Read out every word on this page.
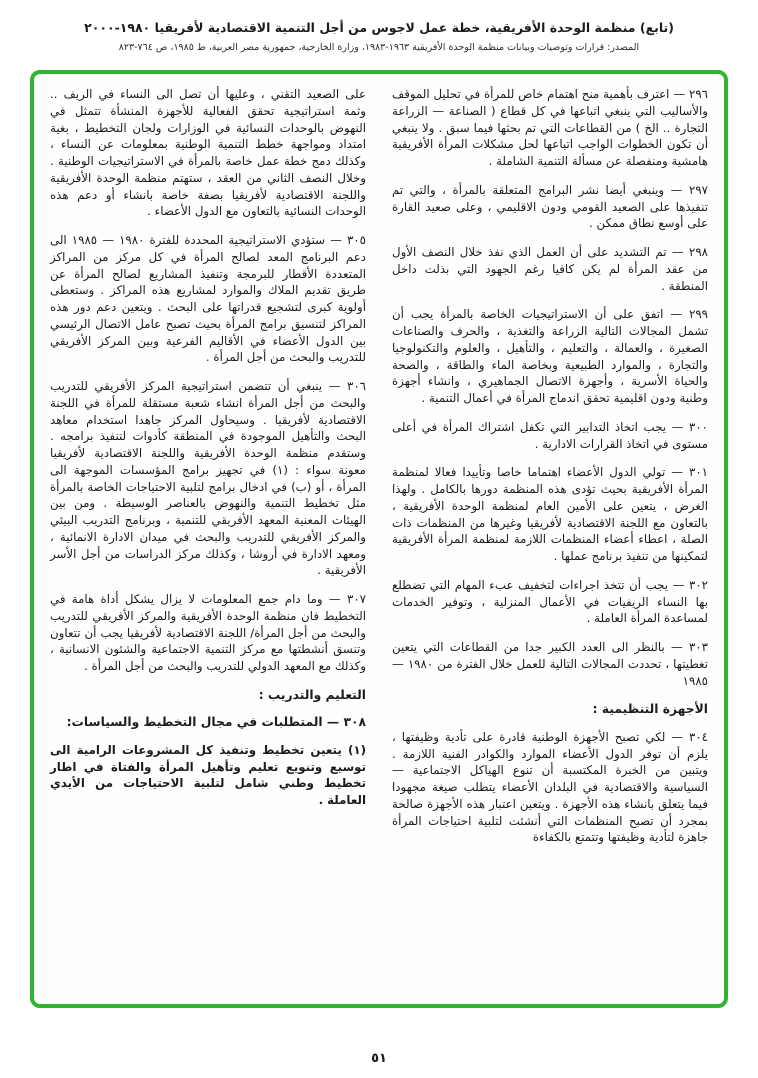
(تابع) منظمة الوحدة الأفريقية، خطة عمل لاجوس من أجل التنمية الاقتصادية لأفريقيا ١٩٨٠-٢٠٠٠
المصدر: قرارات وتوصيات وبيانات منظمة الوحدة الأفريقية ١٩٦٣-١٩٨٣، وزارة الخارجية، جمهورية مصر العربية، ط ١٩٨٥، ص ٧٦٤-٨٢٣

٢٩٦ — اعترف بأهمية منح اهتمام خاص للمرأة في تحليل الموقف والأساليب التي ينبغي اتباعها في كل قطاع ( الصناعة — الزراعة التجارة .. الخ ) من القطاعات التي تم بحثها فيما سبق . ولا ينبغي أن تكون الخطوات الواجب اتباعها لحل مشكلات المرأة الأفريقية هامشية ومنفصلة عن مسألة التنمية الشاملة .

٢٩٧ — وينبغي أيضا نشر البرامج المتعلقة بالمرأة ، والتي تم تنفيذها على الصعيد القومي ودون الاقليمي ، وعلى صعيد القارة على أوسع نطاق ممكن .

٢٩٨ — تم التشديد على أن العمل الذي نفذ خلال النصف الأول من عقد المرأة لم يكن كافيا رغم الجهود التي بذلت داخل المنطقة .

٢٩٩ — اتفق على أن الاستراتيجيات الخاصة بالمرأة يجب أن تشمل المجالات التالية الزراعة والتغذية ، والحرف والصناعات الصغيرة ، والعمالة ، والتعليم ، والتأهيل ، والعلوم والتكنولوجيا والتجارة ، والموارد الطبيعية وبخاصة الماء والطاقة ، والصحة والحياة الأسرية ، وأجهزة الاتصال الجماهيري ، وانشاء أجهزة وطنية ودون اقليمية تحقق اندماج المرأة في أعمال التنمية .

٣٠٠ — يجب اتخاذ التدابير التي تكفل اشتراك المرأة في أعلى مستوى في اتخاذ القرارات الادارية .

٣٠١ — تولي الدول الأعضاء اهتماما خاصا وتأييدا فعالا لمنظمة المرأة الأفريقية بحيث تؤدى هذه المنظمة دورها بالكامل . ولهذا الغرض ، يتعين على الأمين العام لمنظمة الوحدة الأفريقية ، بالتعاون مع اللجنة الاقتصادية لأفريقيا وغيرها من المنظمات ذات الصلة ، اعطاء أعضاء المنظمات اللازمة لمنظمة المرأة الأفريقية لتمكينها من تنفيذ برنامج عملها .

٣٠٢ — يجب أن تتخذ اجراءات لتخفيف عبء المهام التي تضطلع بها النساء الريفيات في الأعمال المنزلية ، وتوفير الخدمات لمساعدة المرأة العاملة .

٣٠٣ — بالنظر الى العدد الكبير جدا من القطاعات التي يتعين تغطيتها ، تحددت المجالات التالية للعمل خلال الفترة من ١٩٨٠ — ١٩٨٥

الأجهزة التنظيمية :

٣٠٤ — لكي تصبح الأجهزة الوطنية قادرة على تأدية وظيفتها ، يلزم أن توفر الدول الأعضاء الموارد والكوادر الفنية اللازمة . ويتبين من الخبرة المكتسبة أن تنوع الهياكل الاجتماعية — السياسية والاقتصادية في البلدان الأعضاء يتطلب صيغة مجهودا فيما يتعلق بانشاء هذه الأجهزة . ويتعين اعتبار هذه الأجهزة صالحة بمجرد أن تصبح المنظمات التي أنشئت لتلبية احتياجات المرأة جاهزة لتأدية وظيفتها وتتمتع بالكفاءة

على الصعيد التقني ، وعليها أن تصل الى النساء في الريف .. وثمة استراتيجية تحقق الفعالية للأجهزة المنشأة تتمثل في النهوض بالوحدات النسائية في الوزارات ولجان التخطيط ، بغية امتداد ومواجهة خطط التنمية الوطنية بمعلومات عن النساء ، وكذلك دمج خطة عمل خاصة بالمرأة في الاستراتيجيات الوطنية . وخلال النصف الثاني من العقد ، ستهتم منظمة الوحدة الأفريقية واللجنة الاقتصادية لأفريقيا بصفة خاصة بانشاء أو دعم هذه الوحدات النسائية بالتعاون مع الدول الأعضاء .

٣٠٥ — ستؤدي الاستراتيجية المحددة للفترة ١٩٨٠ — ١٩٨٥ الى دعم البرنامج المعد لصالح المرأة في كل مركز من المراكز المتعددة الأقطار للبرمجة وتنفيذ المشاريع لصالح المرأة عن طريق تقديم الملاك والموارد لمشاريع هذه المراكز . وستعطى أولوية كبرى لتشجيع قدراتها على البحث . ويتعين دعم دور هذه المراكز لتنسيق برامج المرأة بحيث تصبح عامل الاتصال الرئيسي بين الدول الأعضاء في الأقاليم الفرعية وبين المركز الأفريقي للتدريب والبحث من أجل المرأة .

٣٠٦ — ينبغي أن تتضمن استراتيجية المركز الأفريقي للتدريب والبحث من أجل المرأة انشاء شعبة مستقلة للمرأة في اللجنة الاقتصادية لأفريقيا . وسيحاول المركز جاهدا استخدام معاهد البحث والتأهيل الموجودة في المنطقة كأدوات لتنفيذ برامجه . وستقدم منظمة الوحدة الأفريقية واللجنة الاقتصادية لأفريقيا معونة سواء : (١) في تجهيز برامج المؤسسات الموجهة الى المرأة ، أو (ب) في ادخال برامج لتلبية الاحتياجات الخاصة بالمرأة مثل تخطيط التنمية والنهوض بالعناصر الوسيطة . ومن بين الهيئات المعنية المعهد الأفريقي للتنمية ، وبرنامج التدريب البيئي والمركز الأفريقي للتدريب والبحث في ميدان الادارة الانمائية ، ومعهد الادارة في أروشا ، وكذلك مركز الدراسات من أجل الأسر الأفريقية .

٣٠٧ — وما دام جمع المعلومات لا يزال يشكل أداة هامة في التخطيط فان منظمة الوحدة الأفريقية والمركز الأفريقي للتدريب والبحث من أجل المرأة/ اللجنة الاقتصادية لأفريقيا يجب أن تتعاون وتنسق أنشطتها مع مركز التنمية الاجتماعية والشئون الانسانية ، وكذلك مع المعهد الدولي للتدريب والبحث من أجل المرأة .

التعليم والتدريب :
٣٠٨ — المتطلبات في مجال التخطيط والسياسات:

(١) يتعين تخطيط وتنفيذ كل المشروعات الرامية الى توسيع وتنويع تعليم وتأهيل المرأة والفتاة في اطار تخطيط وطني شامل لتلبية الاحتياجات من الأيدي العاملة .

٥١
